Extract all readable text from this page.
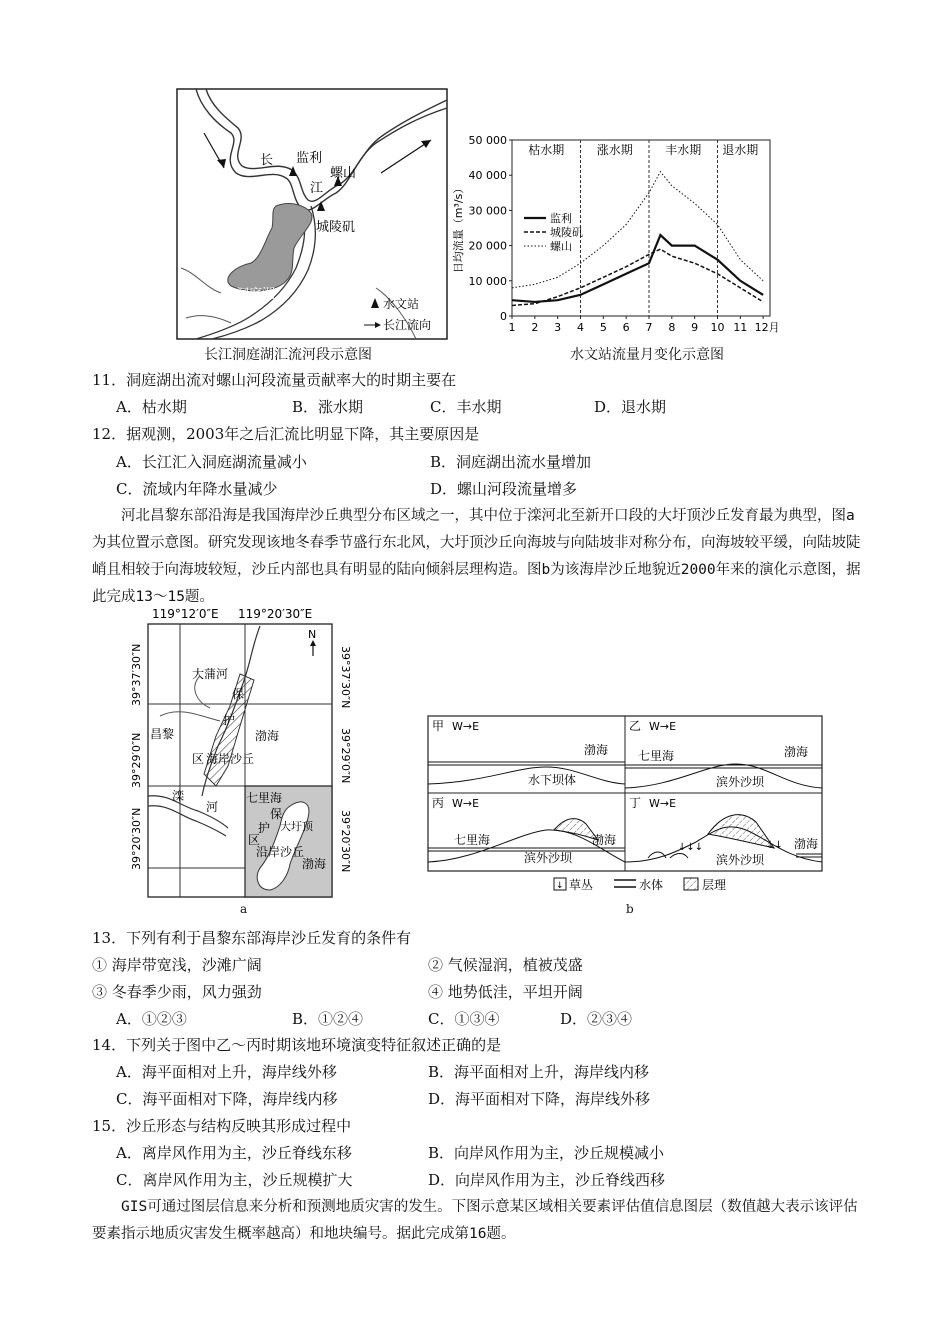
长 监利
螺山
江
城陵矶
洞庭湖
水文站
长江流向
长江洞庭湖汇流河段示意图
枯水期	涨水期	丰水期 退水期
0
10 000
20 000
30 000
40 000
50 000
1 2 3 4 5 6 7 8 9 10 11 12月
日均流量（m³/s）	监利
城陵矶
螺山
水文站流量月变化示意图
11．洞庭湖出流对螺山河段流量贡献率大的时期主要在
A．枯水期	B．涨水期	C．丰水期	D．退水期
12．据观测，2003年之后汇流比明显下降，其主要原因是
A．长江汇入洞庭湖流量减小	B．洞庭湖出流水量增加
C．流域内年降水量减少	D．螺山河段流量增多
河北昌黎东部沿海是我国海岸沙丘典型分布区域之一，其中位于滦河北至新开口段的大圩顶沙丘发育最为典型，图a为其位置示意图。研究发现该地冬春季节盛行东北风，大圩顶沙丘向海坡与向陆坡非对称分布，向海坡较平缓，向陆坡陡峭且相较于向海坡较短，沙丘内部也具有明显的陆向倾斜层理构造。图b为该海岸沙丘地貌近2000年来的演化示意图，据此完成13～15题。
119°12′0″E 119°20′30″E
N
大蒲河
保
护
昌黎	渤海
区 海岸沙丘
滦
河
七里海
保
护 大圩顶
区
沿岸沙丘
渤海
39°37′30″N
39°29′0″N
39°20′30″N
39°37′30″N
39°29′0″N
39°20′30″N
a
甲 W→E
渤海
水下坝体
乙 W→E
七里海	渤海
滨外沙坝
丙 W→E
七里海	渤海
滨外沙坝
丁 W→E
↓↓↓	↓↓ 渤海
滨外沙坝
↓ 草丛	水体	层理
b
13．下列有利于昌黎东部海岸沙丘发育的条件有
① 海岸带宽浅，沙滩广阔	② 气候湿润，植被茂盛
③ 冬春季少雨，风力强劲	④ 地势低洼，平坦开阔
A．①②③	B．①②④	C．①③④	D．②③④
14．下列关于图中乙～丙时期该地环境演变特征叙述正确的是
A．海平面相对上升，海岸线外移	B．海平面相对上升，海岸线内移
C．海平面相对下降，海岸线内移	D．海平面相对下降，海岸线外移
15．沙丘形态与结构反映其形成过程中
A．离岸风作用为主，沙丘脊线东移	B．向岸风作用为主，沙丘规模减小
C．离岸风作用为主，沙丘规模扩大	D．向岸风作用为主，沙丘脊线西移
GIS可通过图层信息来分析和预测地质灾害的发生。下图示意某区域相关要素评估值信息图层（数值越大表示该评估要素指示地质灾害发生概率越高）和地块编号。据此完成第16题。
